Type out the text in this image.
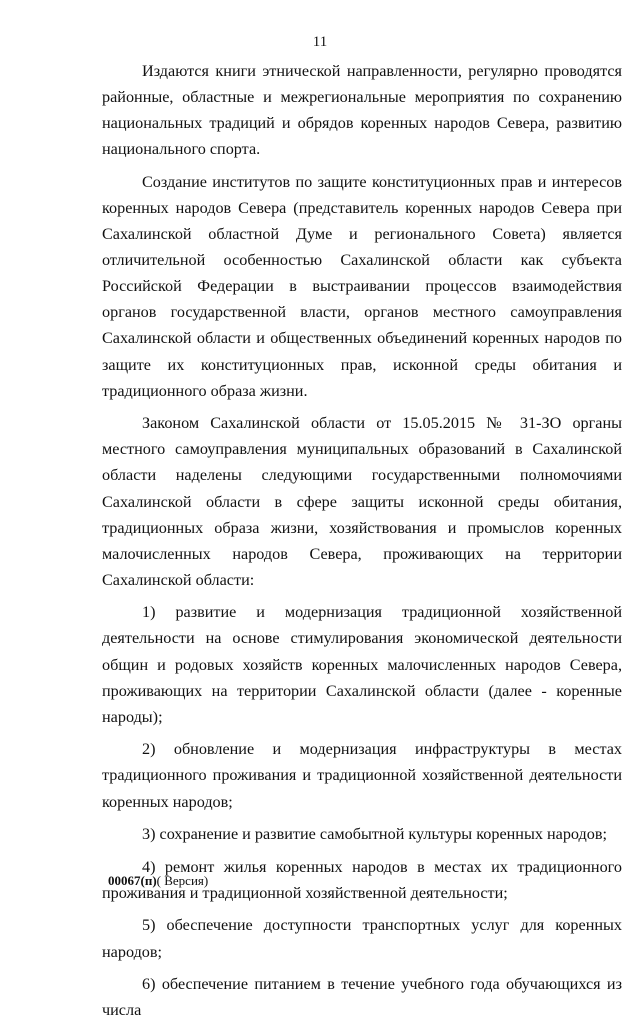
11

Издаются книги этнической направленности, регулярно проводятся районные, областные и межрегиональные мероприятия по сохранению национальных традиций и обрядов коренных народов Севера, развитию национального спорта.

Создание институтов по защите конституционных прав и интересов коренных народов Севера (представитель коренных народов Севера при Сахалинской областной Думе и регионального Совета) является отличительной особенностью Сахалинской области как субъекта Российской Федерации в выстраивании процессов взаимодействия органов государственной власти, органов местного самоуправления Сахалинской области и общественных объединений коренных народов по защите их конституционных прав, исконной среды обитания и традиционного образа жизни.

Законом Сахалинской области от 15.05.2015 № 31-ЗО органы местного самоуправления муниципальных образований в Сахалинской области наделены следующими государственными полномочиями Сахалинской области в сфере защиты исконной среды обитания, традиционных образа жизни, хозяйствования и промыслов коренных малочисленных народов Севера, проживающих на территории Сахалинской области:

1) развитие и модернизация традиционной хозяйственной деятельности на основе стимулирования экономической деятельности общин и родовых хозяйств коренных малочисленных народов Севера, проживающих на территории Сахалинской области (далее - коренные народы);

2) обновление и модернизация инфраструктуры в местах традиционного проживания и традиционной хозяйственной деятельности коренных народов;

3) сохранение и развитие самобытной культуры коренных народов;

4) ремонт жилья коренных народов в местах их традиционного проживания и традиционной хозяйственной деятельности;

5) обеспечение доступности транспортных услуг для коренных народов;

6) обеспечение питанием в течение учебного года обучающихся из числа

00067(п)( Версия)
